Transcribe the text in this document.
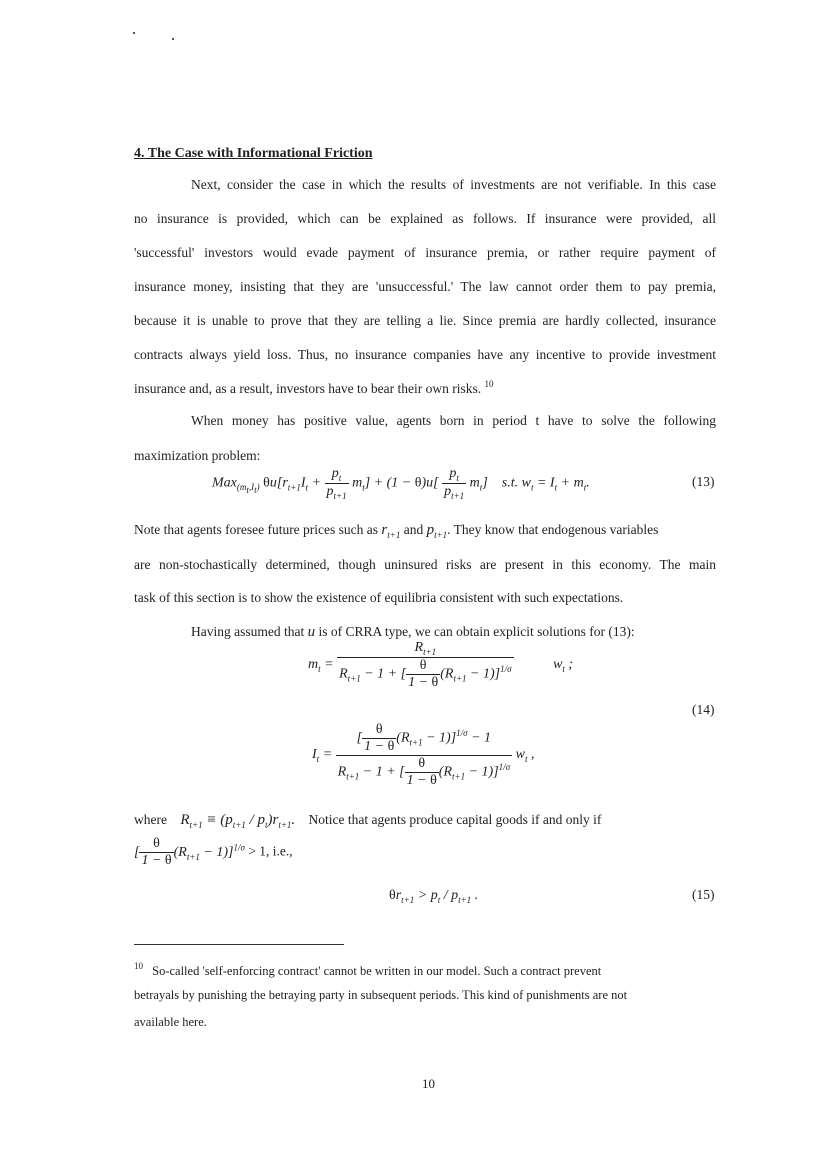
4. The Case with Informational Friction
Next, consider the case in which the results of investments are not verifiable. In this case
no insurance is provided, which can be explained as follows. If insurance were provided, all
'successful' investors would evade payment of insurance premia, or rather require payment of
insurance money, insisting that they are 'unsuccessful.' The law cannot order them to pay premia,
because it is unable to prove that they are telling a lie. Since premia are hardly collected, insurance
contracts always yield loss. Thus, no insurance companies have any incentive to provide investment
insurance and, as a result, investors have to bear their own risks. $^{10}$
When money has positive value, agents born in period t have to solve the following
maximization problem:
Max$_{(m_t,I_t)}$ $\theta u[r_{t+1}I_t + \frac{p_t}{p_{t+1}} m_t] + (1 - \theta)u[ \frac{p_t}{p_{t+1}} m_t]$    s.t. $w_t = I_t + m_t$.	(13)
Note that agents foresee future prices such as $r_{t+1}$ and $p_{t+1}$. They know that endogenous variables
are non-stochastically determined, though uninsured risks are present in this economy. The main
task of this section is to show the existence of equilibria consistent with such expectations.
Having assumed that u is of CRRA type, we can obtain explicit solutions for (13):
$m_t = \frac{R_{t+1}}{R_{t+1} - 1 + [ \frac{\theta}{1 - \theta} (R_{t+1} - 1)]^{1/\sigma}}$	$w_t$ ;
(14)
$I_t = \frac{[ \frac{\theta}{1 - \theta} (R_{t+1} - 1)]^{1/\sigma} - 1}{R_{t+1} - 1 + [ \frac{\theta}{1 - \theta} (R_{t+1} - 1)]^{1/\sigma}} w_t$ ,
where $R_{t+1} \equiv (p_{t+1} / p_t)r_{t+1}$. Notice that agents produce capital goods if and only if
[ $\frac{\theta}{1 - \theta} (R_{t+1} - 1)]^{1/\sigma} > 1$, i.e.,
$\theta r_{t+1} > p_t / p_{t+1}$ .	(15)
$^{10}$ So-called 'self-enforcing contract' cannot be written in our model. Such a contract prevent
betrayals by punishing the betraying party in subsequent periods. This kind of punishments are not
available here.
10
